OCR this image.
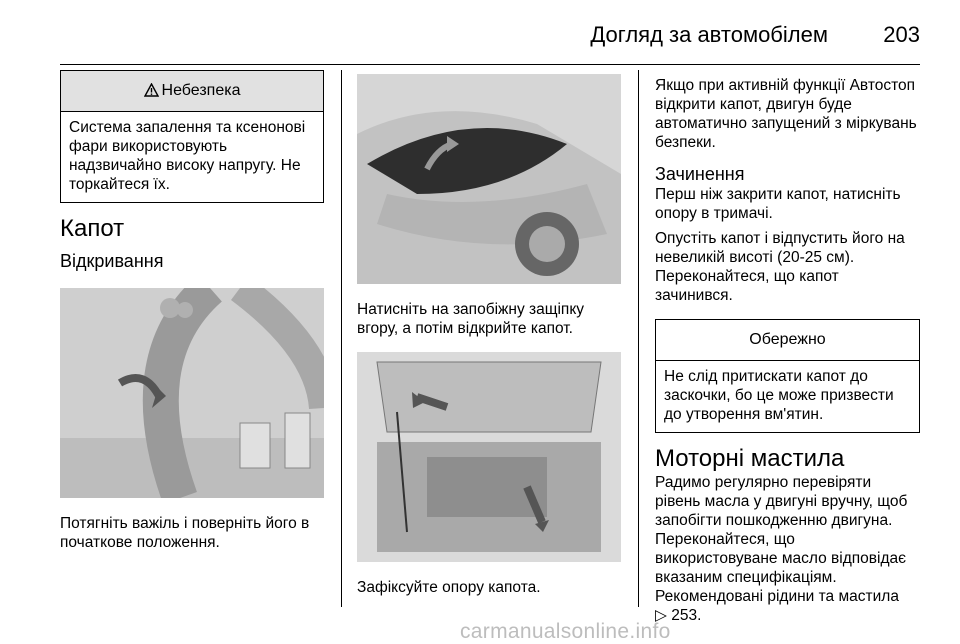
Догляд за автомобілем	203
Небезпека
Система запалення та ксенонові фари використовують надзвичайно високу напругу. Не торкайтеся їх.
Капот
Відкривання

Потягніть важіль і поверніть його в початкове положення.

Натисніть на запобіжну защіпку вгору, а потім відкрийте капот.

Зафіксуйте опору капота.

Якщо при активній функції Автостоп відкрити капот, двигун буде автоматично запущений з міркувань безпеки.

Зачинення

Перш ніж закрити капот, натисніть опору в тримачі.

Опустіть капот і відпустить його на невеликій висоті (20-25 см). Переконайтеся, що капот зачинився.

Обережно
Не слід притискати капот до заскочки, бо це може призвести до утворення вм'ятин.
Моторні мастила

Радимо регулярно перевіряти рівень масла у двигуні вручну, щоб запобігти пошкодженню двигуна. Переконайтеся, що використовуване масло відповідає вказаним специфікаціям. Рекомендовані рідини та мастила
▷ 253.

carmanualsonline.info
